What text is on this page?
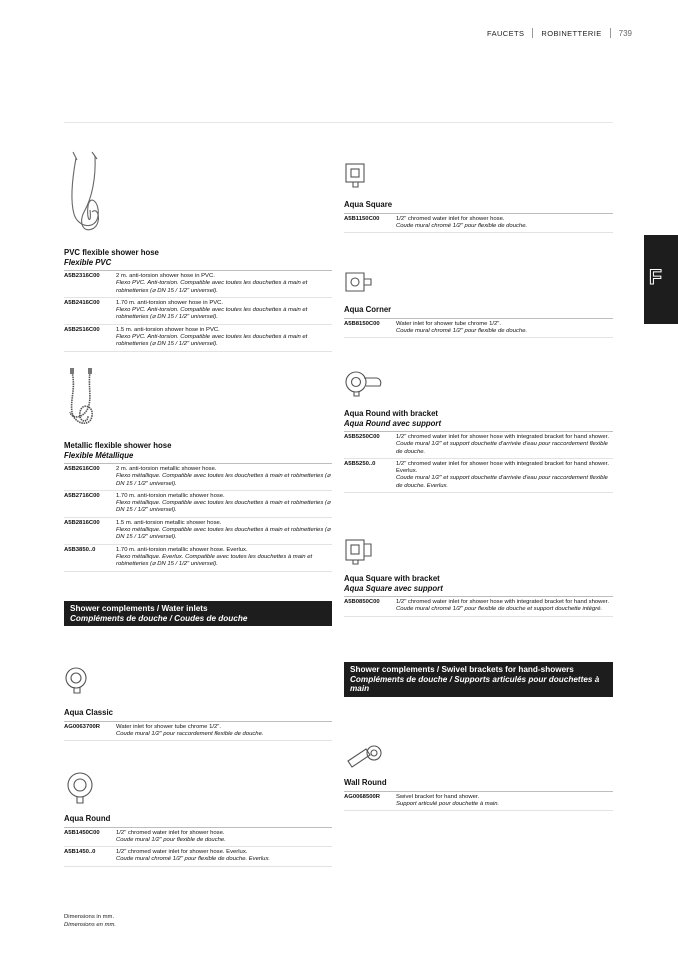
FAUCETS ROBINETTERIE 739
F
PVC flexible shower hose
Flexible PVC
A5B2316C00	2 m. anti-torsion shower hose in PVC.
Flexo PVC. Anti-torsion. Compatible avec toutes les douchettes à main et robinetteries (⌀ DN 15 / 1/2" universel).
A5B2416C00	1.70 m. anti-torsion shower hose in PVC.
Flexo PVC. Anti-torsion. Compatible avec toutes les douchettes à main et robinetteries (⌀ DN 15 / 1/2" universel).
A5B2516C00	1.5 m. anti-torsion shower hose in PVC.
Flexo PVC. Anti-torsion. Compatible avec toutes les douchettes à main et robinetteries (⌀ DN 15 / 1/2" universel).
Metallic flexible shower hose
Flexible Métallique
A5B2616C00	2 m. anti-torsion metallic shower hose.
Flexo métallique. Compatible avec toutes les douchettes à main et robinetteries (⌀ DN 15 / 1/2" universel).
A5B2716C00	1.70 m. anti-torsion metallic shower hose.
Flexo métallique. Compatible avec toutes les douchettes à main et robinetteries (⌀ DN 15 / 1/2" universel).
A5B2816C00	1.5 m. anti-torsion metallic shower hose.
Flexo métallique. Compatible avec toutes les douchettes à main et robinetteries (⌀ DN 15 / 1/2" universel).
A5B3850..0	1.70 m. anti-torsion metallic shower hose. Everlux.
Flexo métallique. Everlux. Compatible avec toutes les douchettes à main et robinetteries (⌀ DN 15 / 1/2" universel).
Shower complements / Water inlets
Compléments de douche / Coudes de douche
Aqua Classic
AG0063700R	Water inlet for shower tube chrome 1/2".
Coude mural 1/2" pour raccordement flexible de douche.
Aqua Round
A5B1450C00	1/2" chromed water inlet for shower hose.
Coude mural 1/2" pour flexible de douche.
A5B1450..0	1/2" chromed water inlet for shower hose. Everlux.
Coude mural chromé 1/2" pour flexible de douche. Everlux.
Aqua Square
A5B1150C00	1/2" chromed water inlet for shower hose.
Coude mural chromé 1/2" pour flexible de douche.
Aqua Corner
A5B8150C00	Water inlet for shower tube chrome 1/2".
Coude mural chromé 1/2" pour flexible de douche.
Aqua Round with bracket
Aqua Round avec support
A5B5250C00	1/2" chromed water inlet for shower hose with integrated bracket for hand shower.
Coude mural 1/2" et support douchette d'arrivée d'eau pour raccordement flexible de douche.
A5B5250..0	1/2" chromed water inlet for shower hose with integrated bracket for hand shower. Everlux.
Coude mural 1/2" et support douchette d'arrivée d'eau pour raccordement flexible de douche. Everlux.
Aqua Square with bracket
Aqua Square avec support
A5B0850C00	1/2" chromed water inlet for shower hose with integrated bracket for hand shower.
Coude mural chromé 1/2" pour flexible de douche et support douchette intégré.
Shower complements / Swivel brackets for hand-showers
Compléments de douche / Supports articulés pour douchettes à main
Wall Round
AG0068500R	Swivel bracket for hand shower.
Support articulé pour douchette à main.
Dimensions in mm.
Dimensions en mm.
